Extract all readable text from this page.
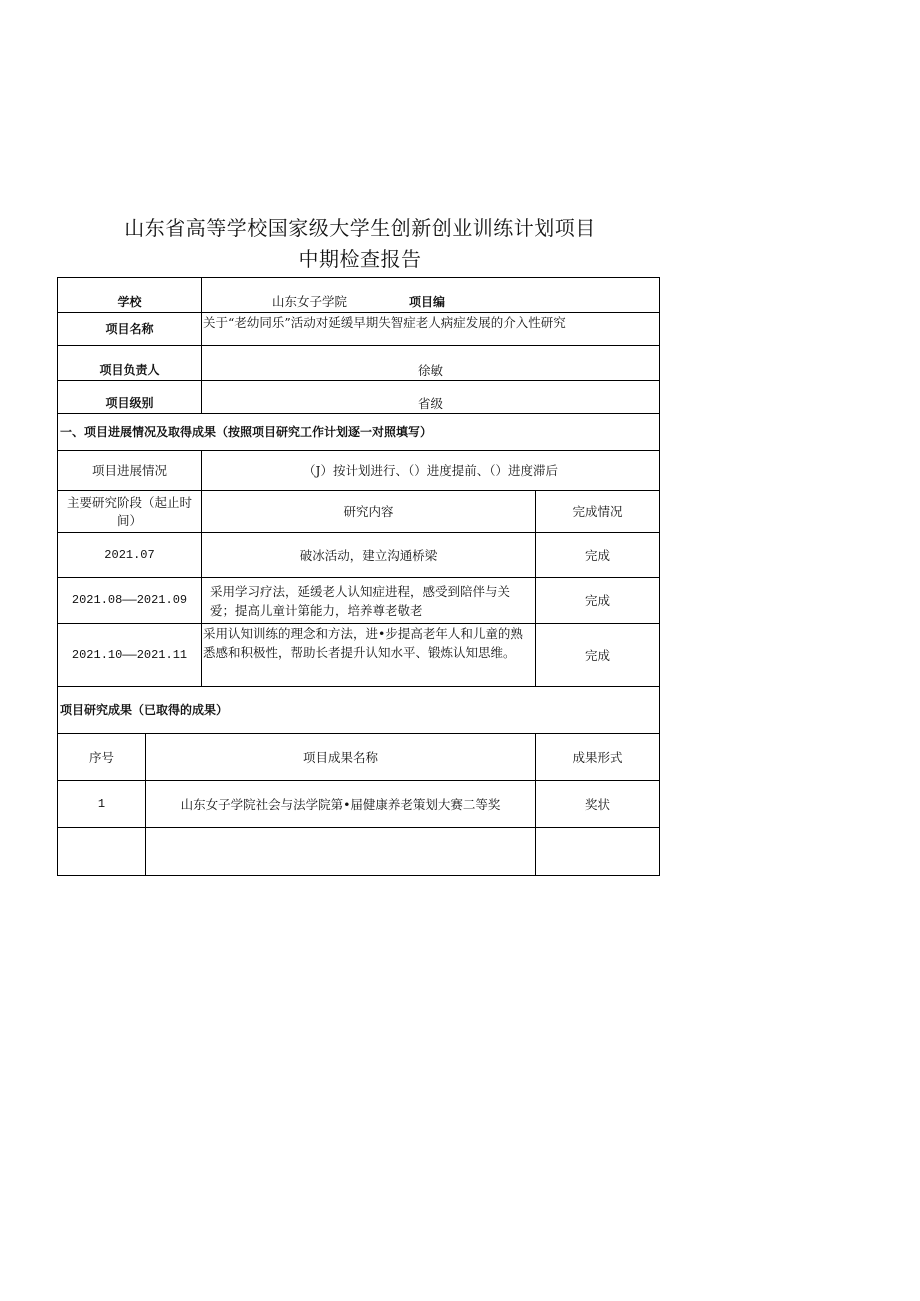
山东省高等学校国家级大学生创新创业训练计划项目
中期检查报告
学校		山东女子学院 项目编	
项目名称		关于“老幼同乐”活动对延缓早期失智症老人病症发展的介入性研究	
项目负责人		徐敏	
项目级别		省级	
一、项目进展情况及取得成果（按照项目研究工作计划逐一对照填写）			
项目进展情况		（J）按计划进行、（）进度提前、（）进度滞后	
主要研究阶段（起止时间）		研究内容	完成情况
2021.07		破冰活动，建立沟通桥梁	完成
2021.08——2021.09		采用学习疗法，延缓老人认知症进程，感受到陪伴与关爱；提高儿童计第能力，培养尊老敬老	完成
2021.10——2021.11		采用认知训练的理念和方法，进•步提高老年人和儿童的熟悉感和积极性，帮助长者提升认知水平、锻炼认知思维。	完成
项目研究成果（已取得的成果）			
序号	项目成果名称		成果形式
1	山东女子学院社会与法学院第•届健康养老策划大赛二等奖		奖状
